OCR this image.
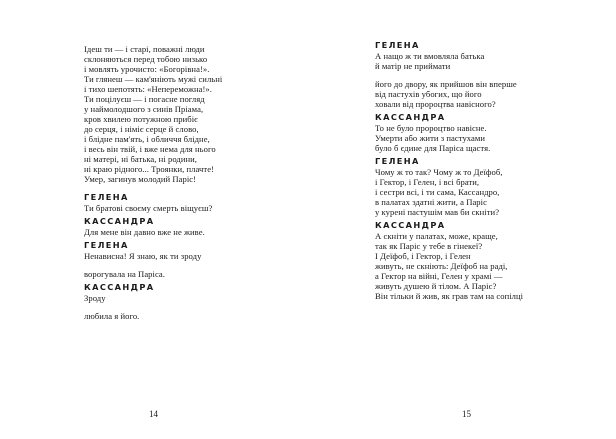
Ідеш ти — і старі, поважні люди
склоняються перед тобою низько
і мовлять урочисто: «Богорівна!».
Ти глянеш — кам'яніють мужі сильні
і тихо шепотять: «Непереможна!».
Ти поцілуєш — і погасне погляд
у наймолодшого з синів Пріама,
кров хвилею потужною прибіє
до серця, і німіє серце й слово,
і блідне пам'ять, і обличчя блідне,
і весь він твій, і вже нема для нього
ні матері, ні батька, ні родини,
ні краю рідного... Троянки, плачте!
Умер, загинув молодий Паріс!
ГЕЛЕНА
Ти братові своєму смерть віщуєш?
КАССАНДРА
Для мене він давно вже не живе.
ГЕЛЕНА
Ненависна! Я знаю, як ти зроду
ворогувала на Паріса.
КАССАНДРА
Зроду
любила я його.
14
ГЕЛЕНА
А нащо ж ти вмовляла батька
й матір не приймати
його до двору, як прийшов він вперше
від пастухів убогих, що його
ховали від пророцтва навісного?
КАССАНДРА
То не було пророцтво навісне.
Умерти або жити з пастухами
було б єдине для Паріса щастя.
ГЕЛЕНА
Чому ж то так? Чому ж то Деїфоб,
і Гектор, і Гелен, і всі брати,
і сестри всі, і ти сама, Кассандро,
в палатах здатні жити, а Паріс
у курені пастушім мав би скніти?
КАССАНДРА
А скніти у палатах, може, краще,
так як Паріс у тебе в гінекеї?
І Деїфоб, і Гектор, і Гелен
живуть, не скніють: Деїфоб на раді,
а Гектор на війні, Гелен у храмі —
живуть душею й тілом. А Паріс?
Він тільки й жив, як грав там на сопілці
15
